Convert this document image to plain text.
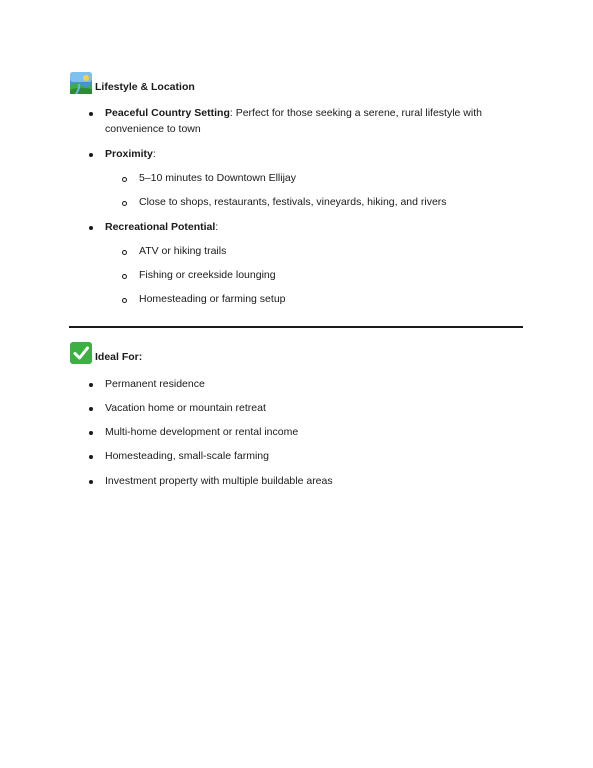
Lifestyle & Location
Peaceful Country Setting: Perfect for those seeking a serene, rural lifestyle with
convenience to town
Proximity:
5–10 minutes to Downtown Ellijay
Close to shops, restaurants, festivals, vineyards, hiking, and rivers
Recreational Potential:
ATV or hiking trails
Fishing or creekside lounging
Homesteading or farming setup
Ideal For:
Permanent residence
Vacation home or mountain retreat
Multi-home development or rental income
Homesteading, small-scale farming
Investment property with multiple buildable areas
